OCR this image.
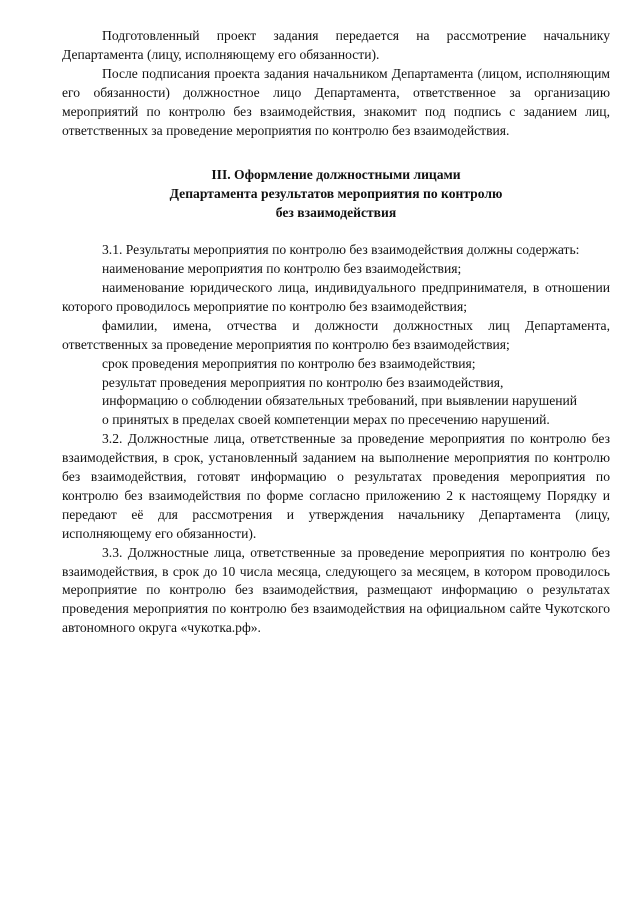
Подготовленный проект задания передается на рассмотрение начальнику Департамента (лицу, исполняющему его обязанности).

После подписания проекта задания начальником Департамента (лицом, исполняющим его обязанности) должностное лицо Департамента, ответственное за организацию мероприятий по контролю без взаимодействия, знакомит под подпись с заданием лиц, ответственных за проведение мероприятия по контролю без взаимодействия.

III. Оформление должностными лицами
Департамента результатов мероприятия по контролю
без взаимодействия

3.1. Результаты мероприятия по контролю без взаимодействия должны содержать:

наименование мероприятия по контролю без взаимодействия;

наименование юридического лица, индивидуального предпринимателя, в отношении которого проводилось мероприятие по контролю без взаимодействия;

фамилии, имена, отчества и должности должностных лиц Департамента, ответственных за проведение мероприятия по контролю без взаимодействия;

срок проведения мероприятия по контролю без взаимодействия;

результат проведения мероприятия по контролю без взаимодействия,

информацию о соблюдении обязательных требований, при выявлении нарушений

о принятых в пределах своей компетенции мерах по пресечению нарушений.

3.2. Должностные лица, ответственные за проведение мероприятия по контролю без взаимодействия, в срок, установленный заданием на выполнение мероприятия по контролю без взаимодействия, готовят информацию о результатах проведения мероприятия по контролю без взаимодействия по форме согласно приложению 2 к настоящему Порядку и передают её для рассмотрения и утверждения начальнику Департамента (лицу, исполняющему его обязанности).

3.3. Должностные лица, ответственные за проведение мероприятия по контролю без взаимодействия, в срок до 10 числа месяца, следующего за месяцем, в котором проводилось мероприятие по контролю без взаимодействия, размещают информацию о результатах проведения мероприятия по контролю без взаимодействия на официальном сайте Чукотского автономного округа «чукотка.рф».
